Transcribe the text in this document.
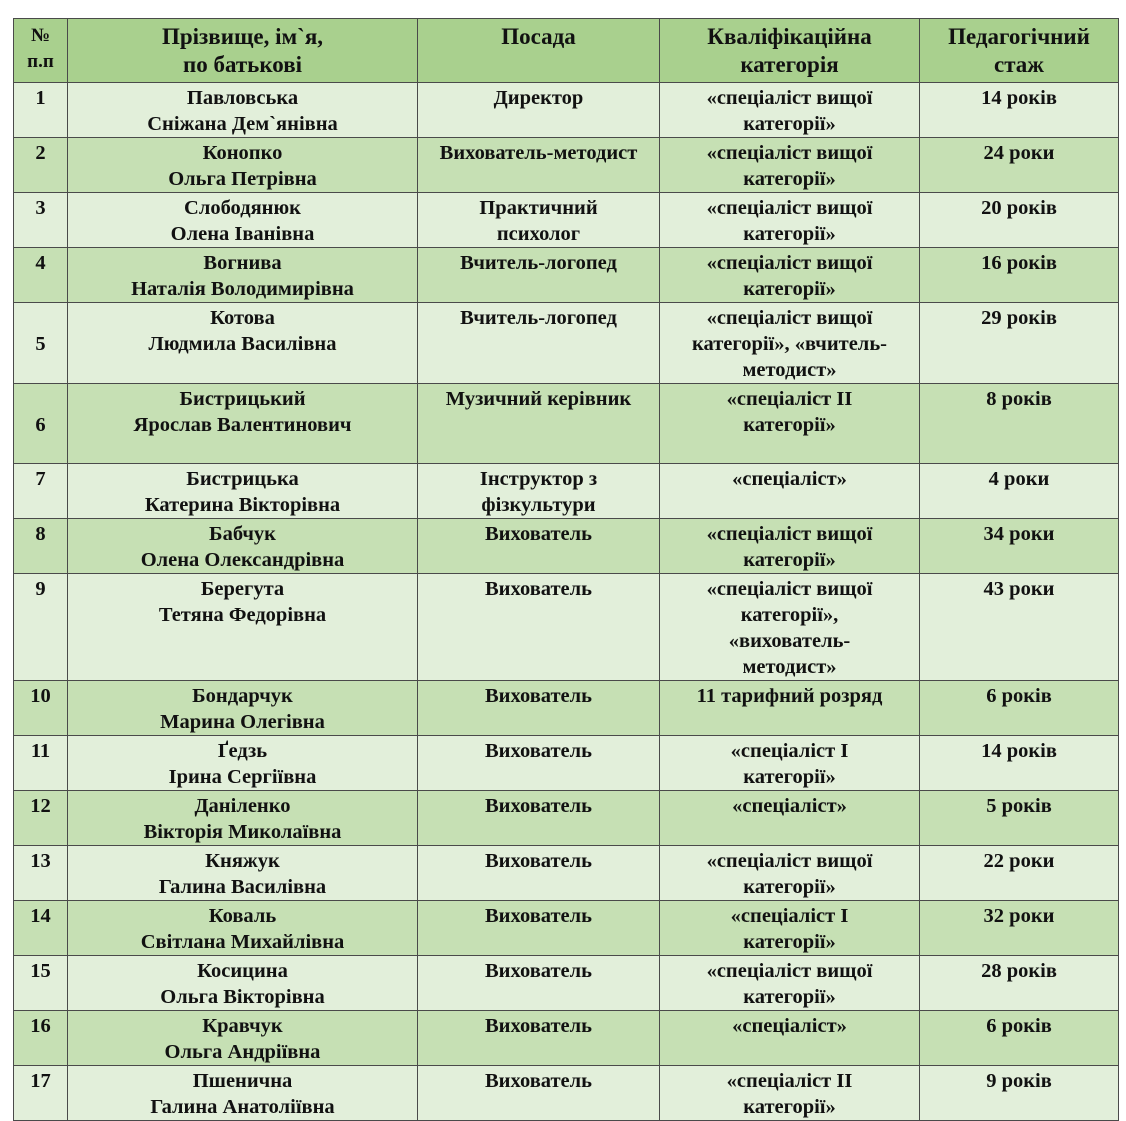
№
п.п	Прізвище, ім`я,
по батькові	Посада	Кваліфікаційна
категорія	Педагогічний
стаж
1	Павловська
Сніжана Дем`янівна	Директор	«спеціаліст вищої
категорії»	14 років
2	Конопко
Ольга Петрівна	Вихователь-методист	«спеціаліст вищої
категорії»	24 роки
3	Слободянюк
Олена Іванівна	Практичний
психолог	«спеціаліст вищої
категорії»	20 років
4	Вогнива
Наталія Володимирівна	Вчитель-логопед	«спеціаліст вищої
категорії»	16 років
5	Котова
Людмила Василівна	Вчитель-логопед	«спеціаліст вищої
категорії», «вчитель-
методист»	29 років
6	Бистрицький
Ярослав Валентинович	Музичний керівник	«спеціаліст ІІ
категорії»	8 років
7	Бистрицька
Катерина Вікторівна	Інструктор з
фізкультури	«спеціаліст»	4 роки
8	Бабчук
Олена Олександрівна	Вихователь	«спеціаліст вищої
категорії»	34 роки
9	Берегута
Тетяна Федорівна	Вихователь	«спеціаліст вищої
категорії»,
«вихователь-
методист»	43 роки
10	Бондарчук
Марина Олегівна	Вихователь	11 тарифний розряд	6 років
11	Ґедзь
Ірина Сергіївна	Вихователь	«спеціаліст І
категорії»	14 років
12	Даніленко
Вікторія Миколаївна	Вихователь	«спеціаліст»	5 років
13	Княжук
Галина Василівна	Вихователь	«спеціаліст вищої
категорії»	22 роки
14	Коваль
Світлана Михайлівна	Вихователь	«спеціаліст І
категорії»	32 роки
15	Косицина
Ольга Вікторівна	Вихователь	«спеціаліст вищої
категорії»	28 років
16	Кравчук
Ольга Андріївна	Вихователь	«спеціаліст»	6 років
17	Пшенична
Галина Анатоліївна	Вихователь	«спеціаліст ІІ
категорії»	9 років
